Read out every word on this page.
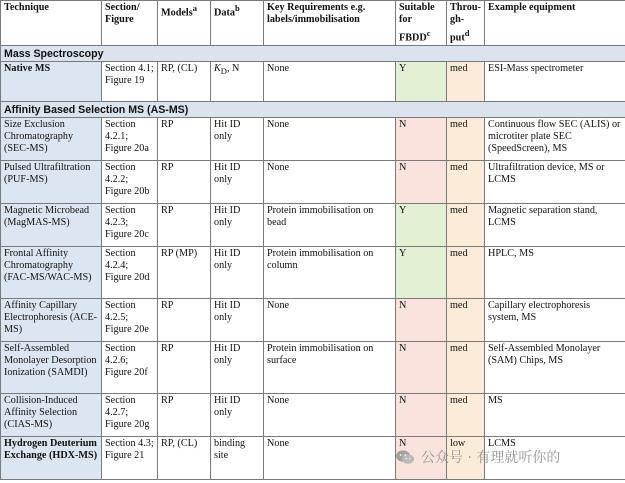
Technique	Section/ Figure	Models$^a$	Data$^b$	Key Requirements e.g. labels/immobilisation	Suitable for FBDD$^c$	Throu- gh- put$^d$	Example equipment
Mass Spectroscopy							
Native MS	Section 4.1; Figure 19	RP, (CL)	$K_D$, N	None	Y	med	ESI-Mass spectrometer
Affinity Based Selection MS (AS-MS)							
Size Exclusion Chromatography (SEC-MS)	Section 4.2.1; Figure 20a	RP	Hit ID only	None	N	med	Continuous flow SEC (ALIS) or microtiter plate SEC (SpeedScreen), MS
Pulsed Ultrafiltration (PUF-MS)	Section 4.2.2; Figure 20b	RP	Hit ID only	None	N	med	Ultrafiltration device, MS or LCMS
Magnetic Microbead (MagMAS-MS)	Section 4.2.3; Figure 20c	RP	Hit ID only	Protein immobilisation on bead	Y	med	Magnetic separation stand, LCMS
Frontal Affinity Chromatography (FAC-MS/WAC-MS)	Section 4.2.4; Figure 20d	RP (MP)	Hit ID only	Protein immobilisation on column	Y	med	HPLC, MS
Affinity Capillary Electrophoresis (ACE-MS)	Section 4.2.5; Figure 20e	RP	Hit ID only	None	N	med	Capillary electrophoresis system, MS
Self-Assembled Monolayer Desorption Ionization (SAMDI)	Section 4.2.6; Figure 20f	RP	Hit ID only	Protein immobilisation on surface	N	med	Self-Assembled Monolayer (SAM) Chips, MS
Collision-Induced Affinity Selection (CIAS-MS)	Section 4.2.7; Figure 20g	RP	Hit ID only	None	N	med	MS
Hydrogen Deuterium Exchange (HDX-MS)	Section 4.3; Figure 21	RP, (CL)	binding site	None	N	low	LCMS
公众号 · 有理就听你的
